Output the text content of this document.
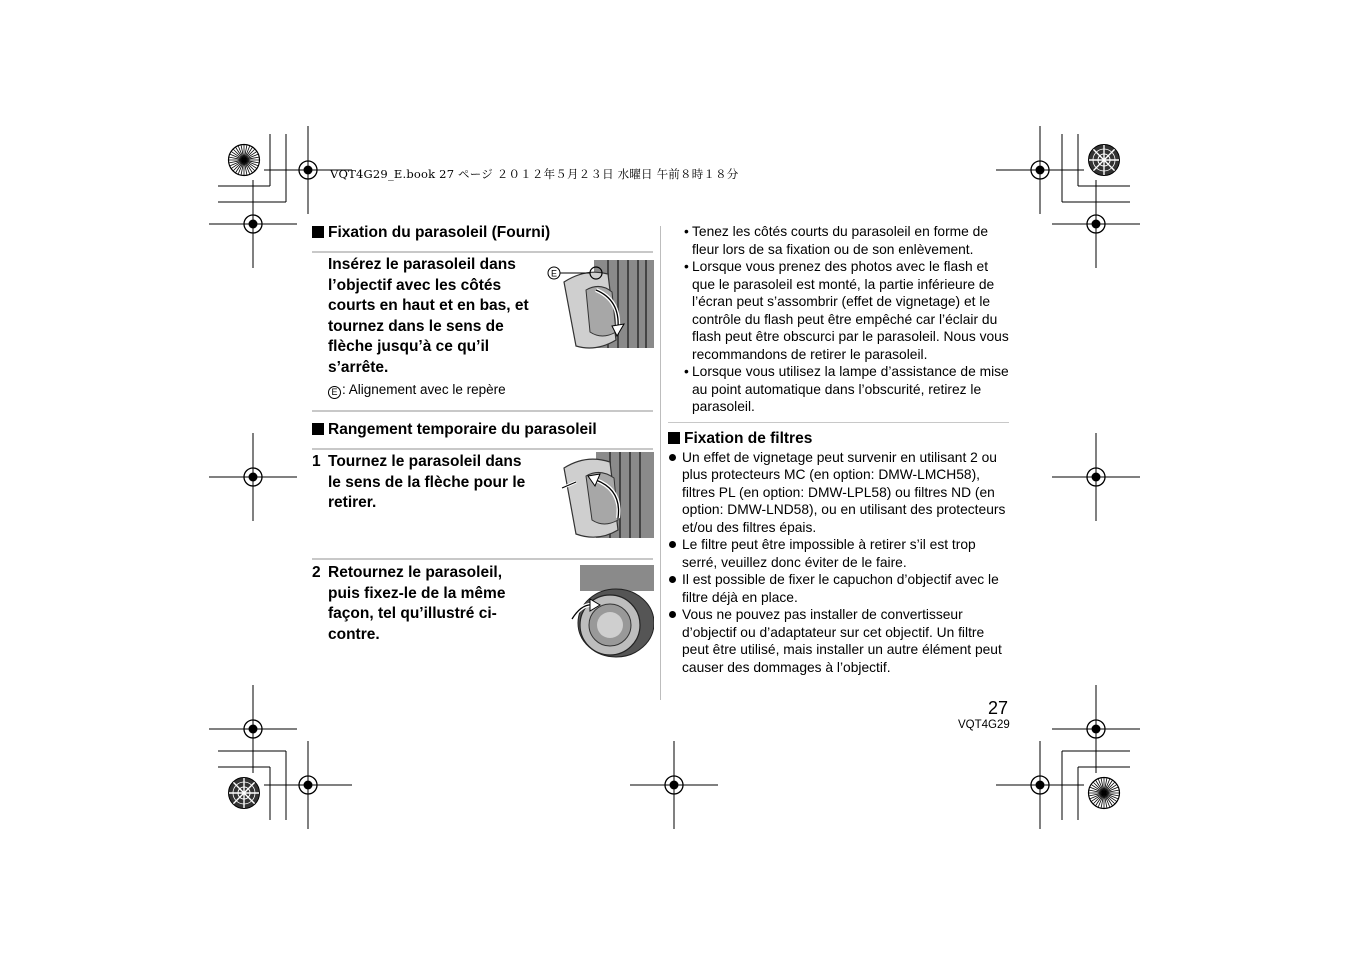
VQT4G29_E.book 27 ページ ２０１２年５月２３日 水曜日 午前８時１８分
Fixation du parasoleil (Fourni)
Insérez le parasoleil dans l’objectif avec les côtés courts en haut et en bas, et tournez dans le sens de flèche jusqu’à ce qu’il s’arrête.
E : Alignement avec le repère
Rangement temporaire du parasoleil
1 Tournez le parasoleil dans le sens de la flèche pour le retirer.
2 Retournez le parasoleil, puis fixez-le de la même façon, tel qu’illustré ci-contre.
E
• Tenez les côtés courts du parasoleil en forme de fleur lors de sa fixation ou de son enlèvement.
• Lorsque vous prenez des photos avec le flash et que le parasoleil est monté, la partie inférieure de l’écran peut s’assombrir (effet de vignetage) et le contrôle du flash peut être empêché car l’éclair du flash peut être obscurci par le parasoleil. Nous vous recommandons de retirer le parasoleil.
• Lorsque vous utilisez la lampe d’assistance de mise au point automatique dans l’obscurité, retirez le parasoleil.
Fixation de filtres
Un effet de vignetage peut survenir en utilisant 2 ou plus protecteurs MC (en option: DMW-LMCH58), filtres PL (en option: DMW-LPL58) ou filtres ND (en option: DMW-LND58), ou en utilisant des protecteurs et/ou des filtres épais.
Le filtre peut être impossible à retirer s’il est trop serré, veuillez donc éviter de le faire.
Il est possible de fixer le capuchon d’objectif avec le filtre déjà en place.
Vous ne pouvez pas installer de convertisseur d’objectif ou d’adaptateur sur cet objectif. Un filtre peut être utilisé, mais installer un autre élément peut causer des dommages à l’objectif.
27
VQT4G29
